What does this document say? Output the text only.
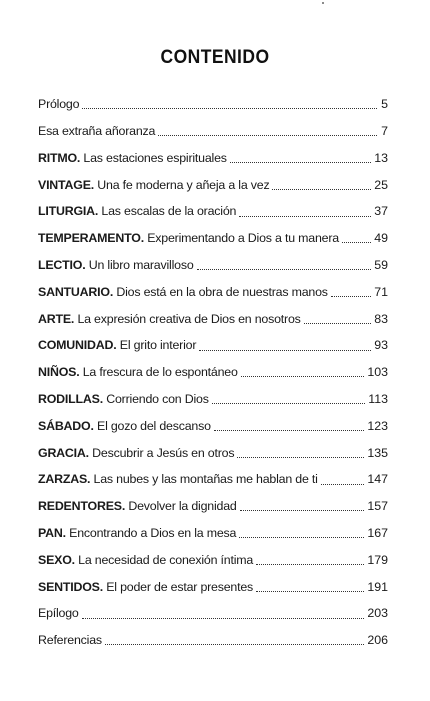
CONTENIDO
Prólogo	5
Esa extraña añoranza	7
RITMO. Las estaciones espirituales	13
VINTAGE. Una fe moderna y añeja a la vez	25
LITURGIA. Las escalas de la oración	37
TEMPERAMENTO. Experimentando a Dios a tu manera	49
LECTIO. Un libro maravilloso	59
SANTUARIO. Dios está en la obra de nuestras manos	71
ARTE. La expresión creativa de Dios en nosotros	83
COMUNIDAD. El grito interior	93
NIÑOS. La frescura de lo espontáneo	103
RODILLAS. Corriendo con Dios	113
SÁBADO. El gozo del descanso	123
GRACIA. Descubrir a Jesús en otros	135
ZARZAS. Las nubes y las montañas me hablan de ti	147
REDENTORES. Devolver la dignidad	157
PAN. Encontrando a Dios en la mesa	167
SEXO. La necesidad de conexión íntima	179
SENTIDOS. El poder de estar presentes	191
Epílogo	203
Referencias	206
